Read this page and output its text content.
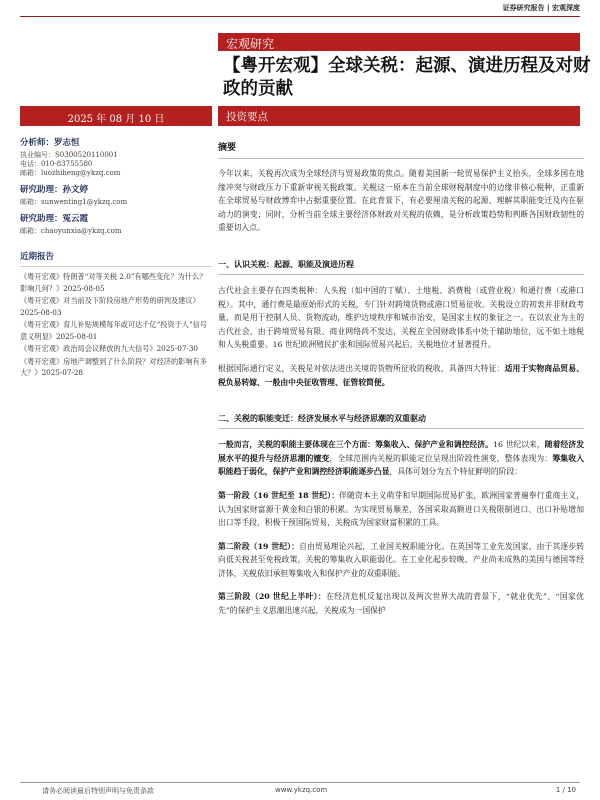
证券研究报告 | 宏观深度
宏观研究
【粤开宏观】全球关税：起源、演进历程及对财政的贡献
2025 年 08 月 10 日	投资要点
分析师：罗志恒
执业编号：S0300520110001
电话：010-83755580
邮箱：luozhiheng@ykzq.com
研究助理：孙文婷
邮箱：sunwenting1@ykzq.com
研究助理：冤云霞
邮箱：chaoyunxia@ykzq.com
近期报告
《粤开宏观》特朗普“对等关税 2.0”有哪些变化？为什么？影响几何？》2025-08-05
《粤开宏观》对当前及下阶段房地产形势的研判及建议》2025-08-03
《粤开宏观》育儿补贴规模每年或可达千亿“投资于人”信号意义明显》2025-08-01
《粤开宏观》政治局会议释放的九大信号》2025-07-30
《粤开宏观》房地产调整到了什么阶段？对经济的影响有多大？》2025-07-28
摘要

今年以来，关税再次成为全球经济与贸易政策的焦点。随着美国新一轮贸易保护主义抬头，全球多国在地缘冲突与财政压力下重新审视关税政策。关税这一原本在当前全球财税制度中的边缘非核心税种，正重新在全球贸易与财政博弈中占据重要位置。在此背景下，有必要厘清关税的起源、理解其职能变迁及内在驱动力的演变；同时，分析当前全球主要经济体财政对关税的依赖，是分析政策趋势和判断各国财政韧性的重要切入点。

一、认识关税：起源、职能及演进历程

古代社会主要存在四类税种：人头税（如中国的丁赋）、土地税、消费税（或营业税）和通行费（或港口税）。其中，通行费是最原始形式的关税，专门针对跨境货物或港口贸易征收。关税设立的初衷并非财政考量，而是用于控制人员、货物流动，维护边境秩序和城市治安，是国家主权的象征之一。在以农业为主的古代社会，由于跨境贸易有限、商业网络尚不发达，关税在全国财政体系中处于辅助地位，远不如土地税和人头税重要。16 世纪欧洲殖民扩张和国际贸易兴起后，关税地位才显著提升。

根据国际通行定义，关税是对依法进出关境的货物所征收的税收，具备四大特征：适用于实物商品贸易、税负易转嫁、一般由中央征收管理、征管较简便。

二、关税的职能变迁：经济发展水平与经济思潮的双重驱动

一般而言，关税的职能主要体现在三个方面：筹集收入、保护产业和调控经济。16 世纪以来，随着经济发展水平的提升与经济思潮的嬗变，全球范围内关税的职能定位呈现出阶段性演变，整体表现为：筹集收入职能趋于弱化，保护产业和调控经济职能逐步凸显，具体可划分为五个特征鲜明的阶段：

第一阶段（16 世纪至 18 世纪）：伴随资本主义萌芽和早期国际贸易扩张，欧洲国家普遍奉行重商主义，认为国家财富源于黄金和白银的积累。为实现贸易顺差，各国采取高额进口关税限制进口、出口补贴增加出口等手段，积极干预国际贸易，关税成为国家财富积累的工具。

第二阶段（19 世纪）：自由贸易理论兴起，工业国关税职能分化。在英国等工业先发国家，由于其逐步转向低关税甚至免税政策，关税的筹集收入职能弱化。在工业化起步较晚、产业尚未成熟的美国与德国等经济体，关税依旧承担筹集收入和保护产业的双重职能。

第三阶段（20 世纪上半叶）：在经济危机反复出现以及两次世界大战的背景下，“就业优先”、“国家优先”的保护主义思潮迅速兴起，关税成为一国保护

请务必阅读最后特别声明与免责条款	www.ykzq.com	1 / 10
